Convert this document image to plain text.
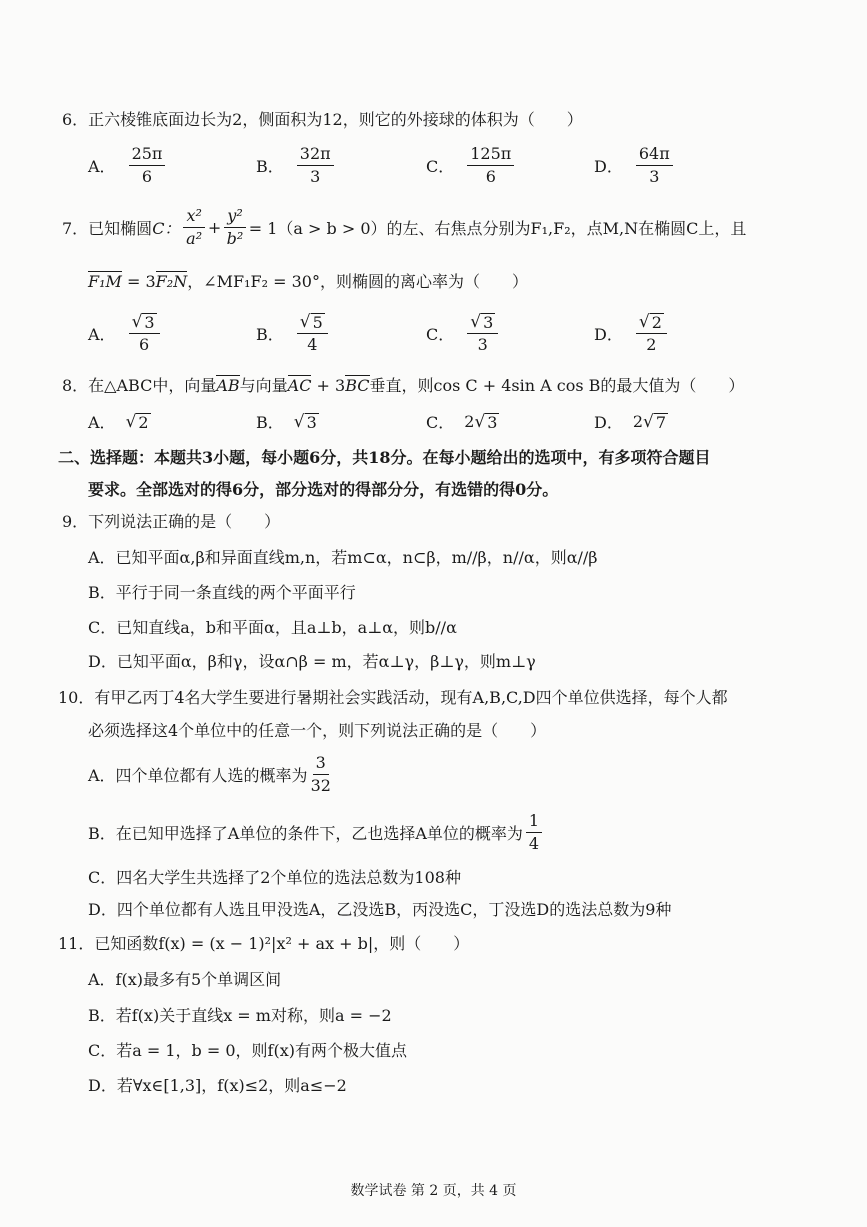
6．正六棱锥底面边长为2，侧面积为12，则它的外接球的体积为（　　）
A． $\frac{25\pi}{6}$	B． $\frac{32\pi}{3}$	C． $\frac{125\pi}{6}$	D． $\frac{64\pi}{3}$
7．已知椭圆 C： $\frac{\text{x²}}{\text{a²}} + \frac{\text{y²}}{\text{b²}} = 1(a > b > 0)$的左、右焦点分别为F₁,F₂，点M,N在椭圆C上，且
F₁M = 3F₂N，∠MF₁F₂ = 30°，则椭圆的离心率为（　　）
A． $\frac{√ 3}{6}$	B． $\frac{√ 5}{4}$	C． $\frac{√ 3}{3}$	D． $\frac{√ 2}{2}$
8．在△ABC中，向量AB与向量AC + 3BC垂直，则cos C + 4sin A cos B的最大值为（　　）
A． √ 2	B． √ 3	C． 2 √ 3	D． 2 √ 7
二、选择题：本题共3小题，每小题6分，共18分。在每小题给出的选项中，有多项符合题目
要求。全部选对的得6分，部分选对的得部分分，有选错的得0分。
9．下列说法正确的是（　　）
A．已知平面α,β和异面直线m,n，若m⊂α，n⊂β，m//β，n//α，则α//β
B．平行于同一条直线的两个平面平行
C．已知直线a，b和平面α，且a⊥b，a⊥α，则b//α
D．已知平面α，β和γ，设α∩β = m，若α⊥γ，β⊥γ，则m⊥γ
10．有甲乙丙丁4名大学生要进行暑期社会实践活动，现有A,B,C,D四个单位供选择，每个人都
必须选择这4个单位中的任意一个，则下列说法正确的是（　　）
A．四个单位都有人选的概率为 $\frac{3}{32}$
B．在已知甲选择了A单位的条件下，乙也选择A单位的概率为 $\frac{1}{4}$
C．四名大学生共选择了2个单位的选法总数为108种
D．四个单位都有人选且甲没选A，乙没选B，丙没选C，丁没选D的选法总数为9种
11．已知函数f(x) = (x − 1)²|x² + ax + b|，则（　　）
A．f(x)最多有5个单调区间
B．若f(x)关于直线x = m对称，则a = −2
C．若a = 1，b = 0，则f(x)有两个极大值点
D．若∀x∈[1,3]，f(x)≤2，则a≤−2
数学试卷 第 2 页，共 4 页
